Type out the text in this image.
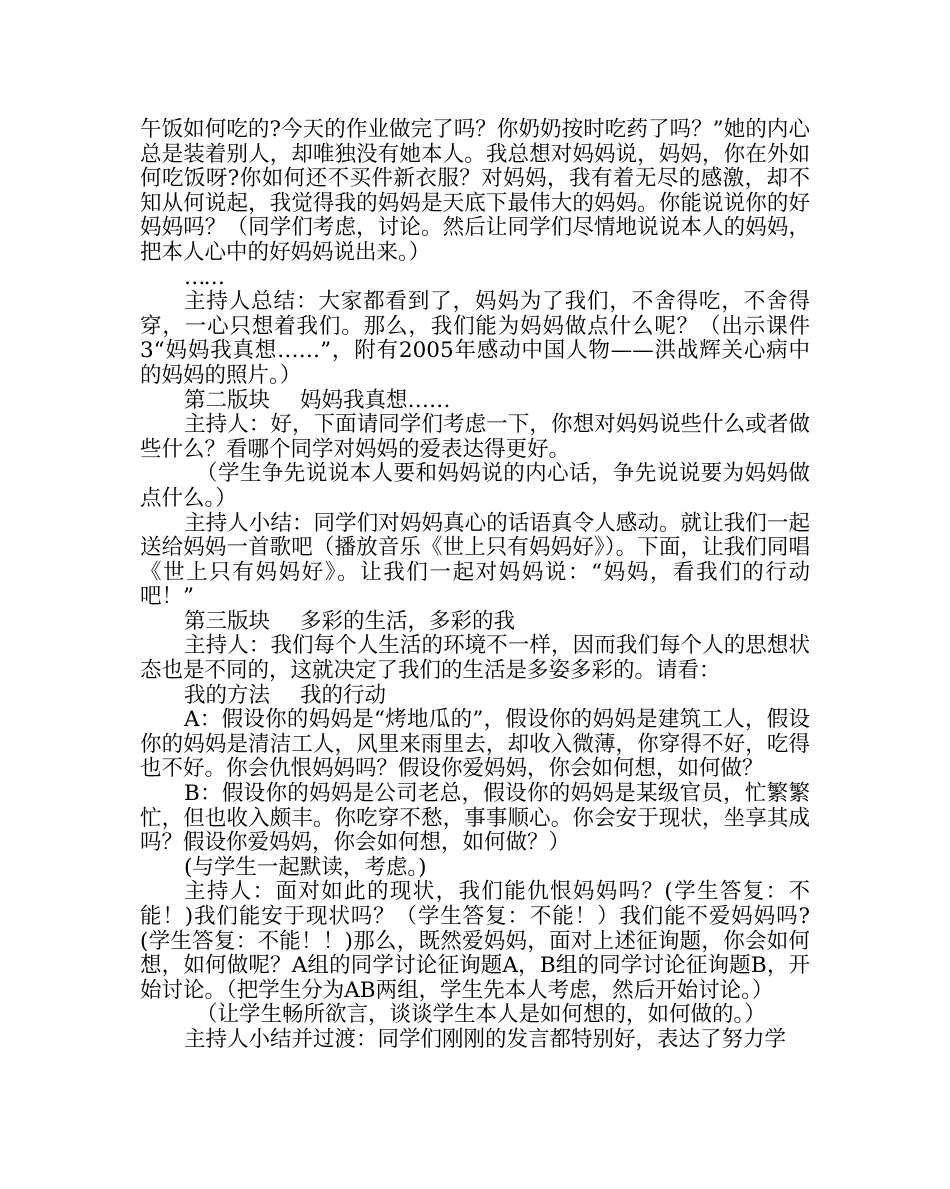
午饭如何吃的?今天的作业做完了吗？你奶奶按时吃药了吗？”她的内心总是装着别人，却唯独没有她本人。我总想对妈妈说，妈妈，你在外如何吃饭呀?你如何还不买件新衣服？对妈妈，我有着无尽的感激，却不知从何说起，我觉得我的妈妈是天底下最伟大的妈妈。你能说说你的好妈妈吗？（同学们考虑，讨论。然后让同学们尽情地说说本人的妈妈，把本人心中的好妈妈说出来。）

……

主持人总结：大家都看到了，妈妈为了我们，不舍得吃，不舍得穿，一心只想着我们。那么，我们能为妈妈做点什么呢？（出示课件3“妈妈我真想……”，附有2005年感动中国人物——洪战辉关心病中的妈妈的照片。）

第二版块 妈妈我真想……

主持人：好，下面请同学们考虑一下，你想对妈妈说些什么或者做些什么？看哪个同学对妈妈的爱表达得更好。

（学生争先说说本人要和妈妈说的内心话，争先说说要为妈妈做点什么。）

主持人小结：同学们对妈妈真心的话语真令人感动。就让我们一起送给妈妈一首歌吧（播放音乐《世上只有妈妈好》）。下面，让我们同唱《世上只有妈妈好》。让我们一起对妈妈说：“妈妈，看我们的行动吧！”

第三版块 多彩的生活，多彩的我

主持人：我们每个人生活的环境不一样，因而我们每个人的思想状态也是不同的，这就决定了我们的生活是多姿多彩的。请看：

我的方法 我的行动

A：假设你的妈妈是“烤地瓜的”，假设你的妈妈是建筑工人，假设你的妈妈是清洁工人，风里来雨里去，却收入微薄，你穿得不好，吃得也不好。你会仇恨妈妈吗？假设你爱妈妈，你会如何想，如何做？

B：假设你的妈妈是公司老总，假设你的妈妈是某级官员，忙繁繁忙，但也收入颇丰。你吃穿不愁，事事顺心。你会安于现状，坐享其成吗？假设你爱妈妈，你会如何想，如何做？）

(与学生一起默读，考虑。)

主持人：面对如此的现状，我们能仇恨妈妈吗？(学生答复：不能！)我们能安于现状吗？（学生答复：不能！）我们能不爱妈妈吗?(学生答复：不能！！)那么，既然爱妈妈，面对上述征询题，你会如何想，如何做呢？A组的同学讨论征询题A，B组的同学讨论征询题B，开始讨论。（把学生分为AB两组，学生先本人考虑，然后开始讨论。）

（让学生畅所欲言，谈谈学生本人是如何想的，如何做的。）

主持人小结并过渡：同学们刚刚的发言都特别好，表达了努力学
